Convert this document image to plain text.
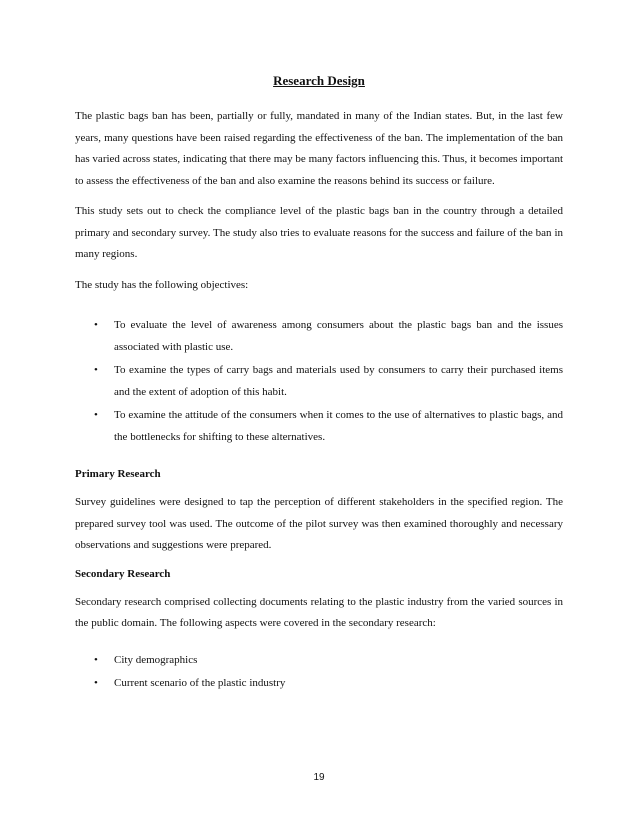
Research Design

The plastic bags ban has been, partially or fully, mandated in many of the Indian states. But, in the last few years, many questions have been raised regarding the effectiveness of the ban. The implementation of the ban has varied across states, indicating that there may be many factors influencing this. Thus, it becomes important to assess the effectiveness of the ban and also examine the reasons behind its success or failure.

This study sets out to check the compliance level of the plastic bags ban in the country through a detailed primary and secondary survey. The study also tries to evaluate reasons for the success and failure of the ban in many regions.

The study has the following objectives:

• To evaluate the level of awareness among consumers about the plastic bags ban and the issues associated with plastic use.
• To examine the types of carry bags and materials used by consumers to carry their purchased items and the extent of adoption of this habit.
• To examine the attitude of the consumers when it comes to the use of alternatives to plastic bags, and the bottlenecks for shifting to these alternatives.
Primary Research

Survey guidelines were designed to tap the perception of different stakeholders in the specified region. The prepared survey tool was used. The outcome of the pilot survey was then examined thoroughly and necessary observations and suggestions were prepared.

Secondary Research

Secondary research comprised collecting documents relating to the plastic industry from the varied sources in the public domain. The following aspects were covered in the secondary research:

• City demographics
• Current scenario of the plastic industry
19
